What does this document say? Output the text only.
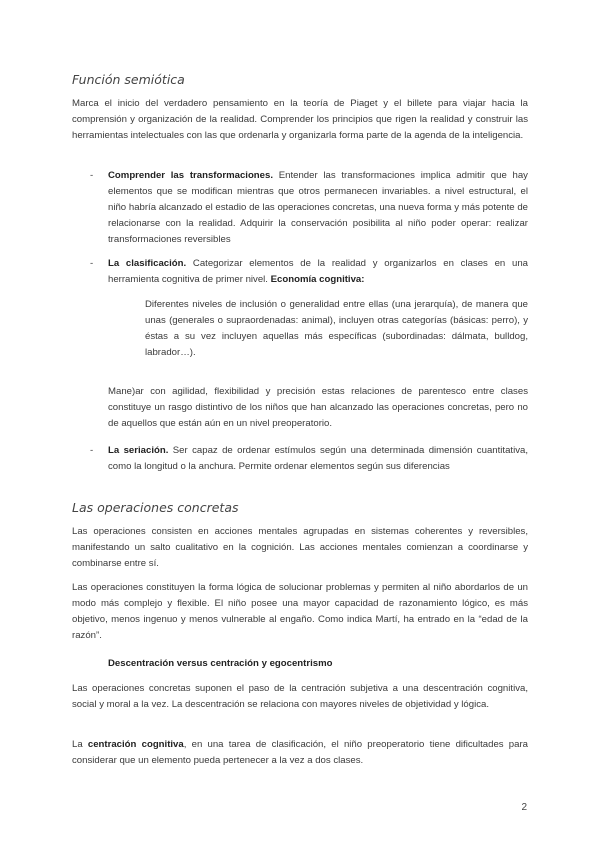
Función semiótica

Marca el inicio del verdadero pensamiento en la teoría de Piaget y el billete para viajar hacia la comprensión y organización de la realidad. Comprender los principios que rigen la realidad y construir las herramientas intelectuales con las que ordenarla y organizarla forma parte de la agenda de la inteligencia.

- Comprender las transformaciones. Entender las transformaciones implica admitir que hay elementos que se modifican mientras que otros permanecen invariables. a nivel estructural, el niño habría alcanzado el estadio de las operaciones concretas, una nueva forma y más potente de relacionarse con la realidad. Adquirir la conservación posibilita al niño poder operar: realizar transformaciones reversibles
- La clasificación. Categorizar elementos de la realidad y organizarlos en clases en una herramienta cognitiva de primer nivel. Economía cognitiva:

Diferentes niveles de inclusión o generalidad entre ellas (una jerarquía), de manera que unas (generales o supraordenadas: animal), incluyen otras categorías (básicas: perro), y éstas a su vez incluyen aquellas más específicas (subordinadas: dálmata, bulldog, labrador…).

Mane)ar con agilidad, flexibilidad y precisión estas relaciones de parentesco entre clases constituye un rasgo distintivo de los niños que han alcanzado las operaciones concretas, pero no de aquellos que están aún en un nivel preoperatorio.

- La seriación. Ser capaz de ordenar estímulos según una determinada dimensión cuantitativa, como la longitud o la anchura. Permite ordenar elementos según sus diferencias
Las operaciones concretas

Las operaciones consisten en acciones mentales agrupadas en sistemas coherentes y reversibles, manifestando un salto cualitativo en la cognición. Las acciones mentales comienzan a coordinarse y combinarse entre sí.

Las operaciones constituyen la forma lógica de solucionar problemas y permiten al niño abordarlos de un modo más complejo y flexible. El niño posee una mayor capacidad de razonamiento lógico, es más objetivo, menos ingenuo y menos vulnerable al engaño. Como indica Martí, ha entrado en la “edad de la razón”.

Descentración versus centración y egocentrismo

Las operaciones concretas suponen el paso de la centración subjetiva a una descentración cognitiva, social y moral a la vez. La descentración se relaciona con mayores niveles de objetividad y lógica.

La centración cognitiva, en una tarea de clasificación, el niño preoperatorio tiene dificultades para considerar que un elemento pueda pertenecer a la vez a dos clases.

2
